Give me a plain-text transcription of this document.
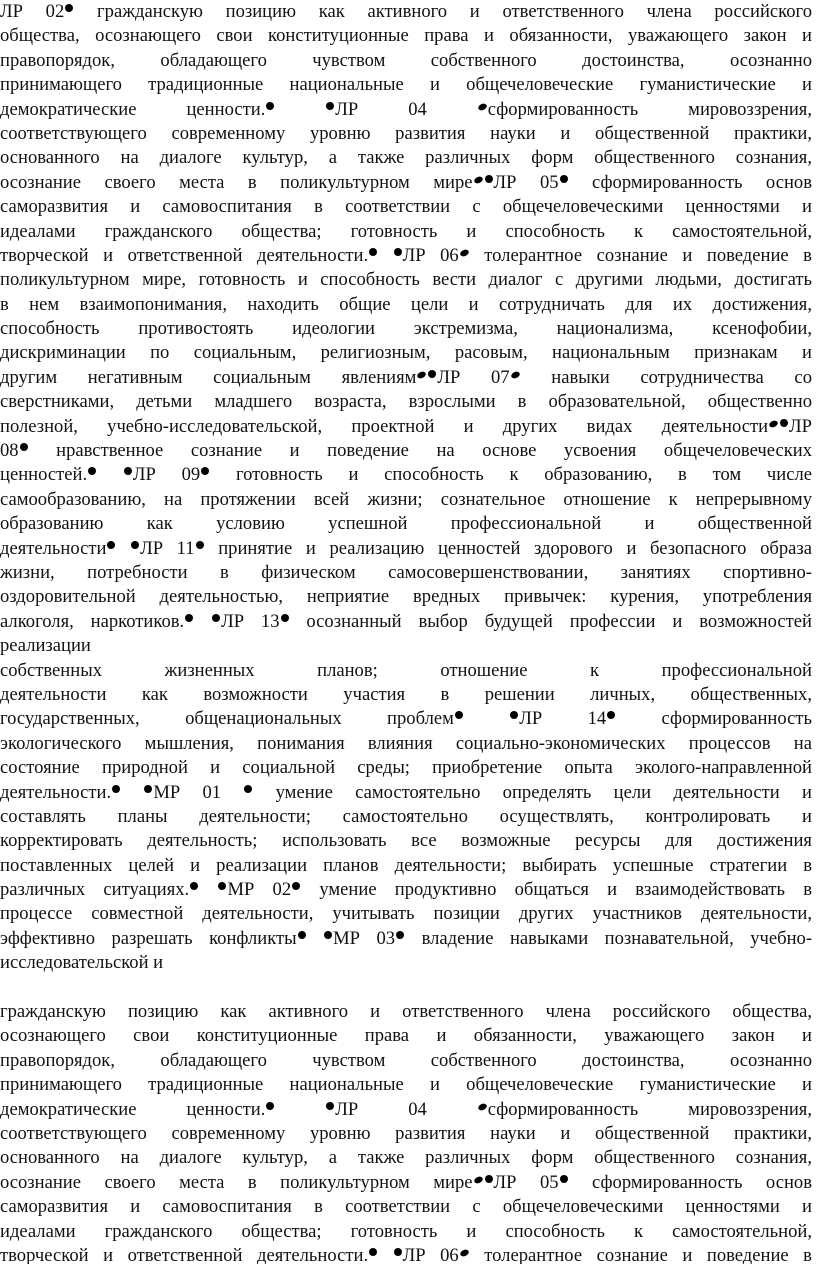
ЛР 02 гражданскую позицию как активного и ответственного члена российского
общества, осознающего свои конституционные права и обязанности, уважающего закон и
правопорядок, обладающего чувством собственного достоинства, осознанно
принимающего традиционные национальные и общечеловеческие гуманистические и
демократические ценности.	ЛР 04	сформированность мировоззрения,
соответствующего современному уровню развития науки и общественной практики,
основанного на диалоге культур, а также различных форм общественного сознания,
осознание своего места в поликультурном мире ЛР 05 сформированность основ
саморазвития и самовоспитания в соответствии с общечеловеческими ценностями и
идеалами гражданского общества; готовность и способность к самостоятельной,
творческой и ответственной деятельности. ЛР 06 толерантное сознание и поведение в
поликультурном мире, готовность и способность вести диалог с другими людьми, достигать
в нем взаимопонимания, находить общие цели и сотрудничать для их достижения,
способность противостоять идеологии экстремизма, национализма, ксенофобии,
дискриминации по социальным, религиозным, расовым, национальным признакам и
другим негативным социальным явлениям ЛР 07 навыки сотрудничества со
сверстниками, детьми младшего возраста, взрослыми в образовательной, общественно
полезной, учебно-исследовательской, проектной и других видах деятельности ЛР
08 нравственное сознание и поведение на основе усвоения общечеловеческих
ценностей. ЛР 09 готовность и способность к образованию, в том числе
самообразованию, на протяжении всей жизни; сознательное отношение к непрерывному
образованию как условию успешной профессиональной и общественной
деятельности ЛР 11 принятие и реализацию ценностей здорового и безопасного образа
жизни, потребности в физическом самосовершенствовании, занятиях спортивно-
оздоровительной деятельностью, неприятие вредных привычек: курения, употребления
алкоголя, наркотиков. ЛР 13 осознанный выбор будущей профессии и возможностей
реализации
собственных жизненных планов; отношение к профессиональной
деятельности как возможности участия в решении личных, общественных,
государственных, общенациональных проблем	ЛР 14	сформированность
экологического мышления, понимания влияния социально-экономических процессов на
состояние природной и социальной среды; приобретение опыта эколого-направленной
деятельности. МР 01	умение самостоятельно определять цели деятельности и
составлять планы деятельности; самостоятельно осуществлять, контролировать и
корректировать деятельность; использовать все возможные ресурсы для достижения
поставленных целей и реализации планов деятельности; выбирать успешные стратегии в
различных ситуациях. МР 02 умение продуктивно общаться и взаимодействовать в
процессе совместной деятельности, учитывать позиции других участников деятельности,
эффективно разрешать конфликты МР 03 владение навыками познавательной, учебно-
исследовательской и
гражданскую позицию как активного и ответственного члена российского общества,
осознающего свои конституционные права и обязанности, уважающего закон и
правопорядок, обладающего чувством собственного достоинства, осознанно
принимающего традиционные национальные и общечеловеческие гуманистические и
демократические ценности.	ЛР 04	сформированность мировоззрения,
соответствующего современному уровню развития науки и общественной практики,
основанного на диалоге культур, а также различных форм общественного сознания,
осознание своего места в поликультурном мире ЛР 05 сформированность основ
саморазвития и самовоспитания в соответствии с общечеловеческими ценностями и
идеалами гражданского общества; готовность и способность к самостоятельной,
творческой и ответственной деятельности. ЛР 06 толерантное сознание и поведение в
